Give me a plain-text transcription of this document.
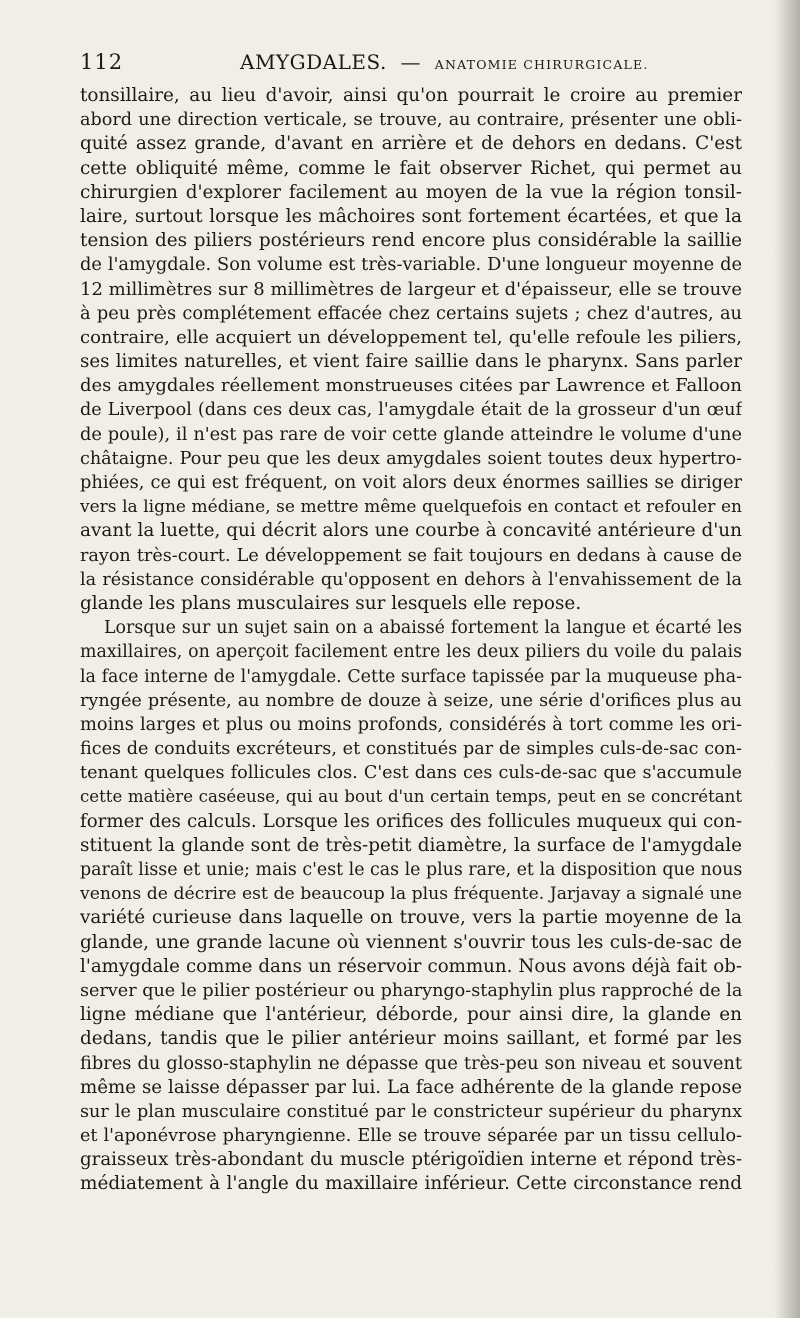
112	AMYGDALES. — ANATOMIE CHIRURGICALE.
tonsillaire, au lieu d'avoir, ainsi qu'on pourrait le croire au premier
abord une direction verticale, se trouve, au contraire, présenter une obli-
quité assez grande, d'avant en arrière et de dehors en dedans. C'est
cette obliquité même, comme le fait observer Richet, qui permet au
chirurgien d'explorer facilement au moyen de la vue la région tonsil-
laire, surtout lorsque les mâchoires sont fortement écartées, et que la
tension des piliers postérieurs rend encore plus considérable la saillie
de l'amygdale. Son volume est très-variable. D'une longueur moyenne de
12 millimètres sur 8 millimètres de largeur et d'épaisseur, elle se trouve
à peu près complétement effacée chez certains sujets ; chez d'autres, au
contraire, elle acquiert un développement tel, qu'elle refoule les piliers,
ses limites naturelles, et vient faire saillie dans le pharynx. Sans parler
des amygdales réellement monstrueuses citées par Lawrence et Falloon
de Liverpool (dans ces deux cas, l'amygdale était de la grosseur d'un œuf
de poule), il n'est pas rare de voir cette glande atteindre le volume d'une
châtaigne. Pour peu que les deux amygdales soient toutes deux hypertro-
phiées, ce qui est fréquent, on voit alors deux énormes saillies se diriger
vers la ligne médiane, se mettre même quelquefois en contact et refouler en
avant la luette, qui décrit alors une courbe à concavité antérieure d'un
rayon très-court. Le développement se fait toujours en dedans à cause de
la résistance considérable qu'opposent en dehors à l'envahissement de la
glande les plans musculaires sur lesquels elle repose.
Lorsque sur un sujet sain on a abaissé fortement la langue et écarté les
maxillaires, on aperçoit facilement entre les deux piliers du voile du palais
la face interne de l'amygdale. Cette surface tapissée par la muqueuse pha-
ryngée présente, au nombre de douze à seize, une série d'orifices plus au
moins larges et plus ou moins profonds, considérés à tort comme les ori-
fices de conduits excréteurs, et constitués par de simples culs-de-sac con-
tenant quelques follicules clos. C'est dans ces culs-de-sac que s'accumule
cette matière caséeuse, qui au bout d'un certain temps, peut en se concrétant
former des calculs. Lorsque les orifices des follicules muqueux qui con-
stituent la glande sont de très-petit diamètre, la surface de l'amygdale
paraît lisse et unie; mais c'est le cas le plus rare, et la disposition que nous
venons de décrire est de beaucoup la plus fréquente. Jarjavay a signalé une
variété curieuse dans laquelle on trouve, vers la partie moyenne de la
glande, une grande lacune où viennent s'ouvrir tous les culs-de-sac de
l'amygdale comme dans un réservoir commun. Nous avons déjà fait ob-
server que le pilier postérieur ou pharyngo-staphylin plus rapproché de la
ligne médiane que l'antérieur, déborde, pour ainsi dire, la glande en
dedans, tandis que le pilier antérieur moins saillant, et formé par les
fibres du glosso-staphylin ne dépasse que très-peu son niveau et souvent
même se laisse dépasser par lui. La face adhérente de la glande repose
sur le plan musculaire constitué par le constricteur supérieur du pharynx
et l'aponévrose pharyngienne. Elle se trouve séparée par un tissu cellulo-
graisseux très-abondant du muscle ptérigoïdien interne et répond très-
médiatement à l'angle du maxillaire inférieur. Cette circonstance rend
